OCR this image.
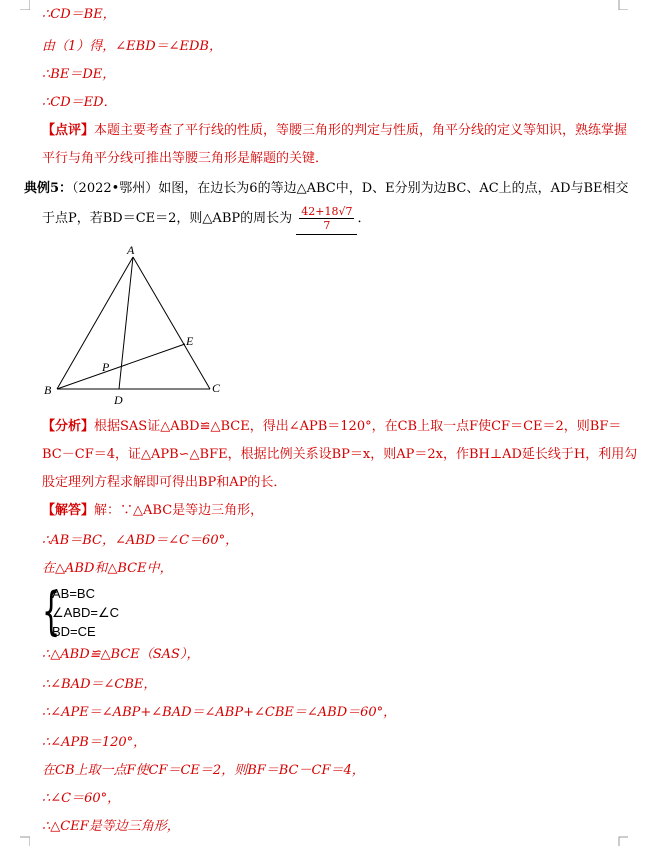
∴CD＝BE，
由（1）得，∠EBD＝∠EDB，
∴BE＝DE，
∴CD＝ED．
【点评】本题主要考查了平行线的性质，等腰三角形的判定与性质，角平分线的定义等知识，熟练掌握
平行与角平分线可推出等腰三角形是解题的关键．
典例5：（2022•鄂州）如图，在边长为6的等边△ABC中，D、E分别为边BC、AC上的点，AD与BE相交
于点P，若BD＝CE＝2，则△ABP的周长为 $\frac{42+18√7}{7}$ ．
A
B	C
D
E
P
【分析】根据SAS证△ABD≌△BCE，得出∠APB＝120°，在CB上取一点F使CF＝CE＝2，则BF＝
BC－CF＝4，证△APB∽△BFE，根据比例关系设BP＝x，则AP＝2x，作BH⊥AD延长线于H，利用勾
股定理列方程求解即可得出BP和AP的长．
【解答】解：∵△ABC是等边三角形，
∴AB＝BC，∠ABD＝∠C＝60°，
在△ABD和△BCE中，
{
AB=BC
∠ABD=∠C
BD=CE
∴△ABD≌△BCE（SAS），
∴∠BAD＝∠CBE，
∴∠APE＝∠ABP+∠BAD＝∠ABP+∠CBE＝∠ABD＝60°，
∴∠APB＝120°，
在CB上取一点F使CF＝CE＝2，则BF＝BC－CF＝4，
∴∠C＝60°，
∴△CEF是等边三角形，
